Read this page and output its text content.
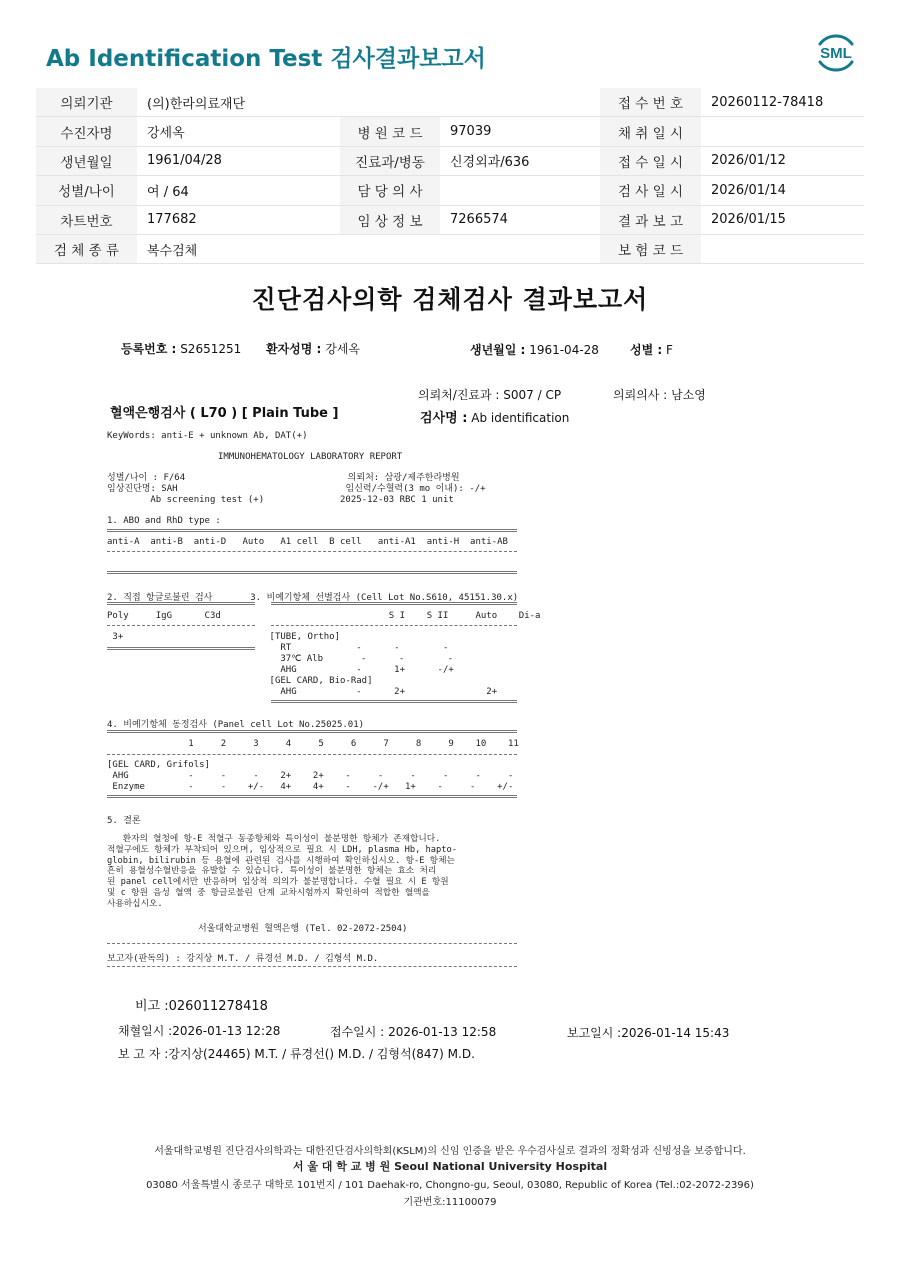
Ab Identification Test 검사결과보고서	SML
의뢰기관	(의)한라의료재단			접 수 번 호	20260112-78418
수진자명	강세옥	병 원 코 드	97039	채 취 일 시	
생년월일	1961/04/28	진료과/병동	신경외과/636	접 수 일 시	2026/01/12
성별/나이	여 / 64	담 당 의 사		검 사 일 시	2026/01/14
차트번호	177682	임 상 정 보	7266574	결 과 보 고	2026/01/15
검 체 종 류	복수검체			보 험 코 드	
진단검사의학 검체검사 결과보고서
등록번호 : S2651251 환자성명 : 강세옥	생년월일 : 1961-04-28	성별 : F
의뢰처/진료과 : S007 / CP	의뢰의사 : 남소영
혈액은행검사 ( L70 ) [ Plain Tube ]	검사명 : Ab identification
KeyWords: anti-E + unknown Ab, DAT(+)
IMMUNOHEMATOLOGY LABORATORY REPORT
성별/나이 : F/64                              의뢰처: 삼광/제주한라병원
임상진단명: SAH                               임신력/수혈력(3 mo 이내): -/+
Ab screening test (+)              2025-12-03 RBC 1 unit
1. ABO and RhD type :
anti-A  anti-B  anti-D   Auto   A1 cell  B cell   anti-A1  anti-H  anti-AB
2. 직접 항글로불린 검사       3. 비예기항체 선별검사 (Cell Lot No.S610, 45151.30.x)
Poly     IgG      C3d                               S I    S II     Auto    Di-a
3+                           [TUBE, Ortho]
RT            -      -        -
37℃ Alb       -      -        -
AHG           -      1+      -/+
[GEL CARD, Bio-Rad]
AHG           -      2+               2+
4. 비예기항체 동정검사 (Panel cell Lot No.25025.01)
1     2     3     4     5     6     7     8     9    10    11
[GEL CARD, Grifols]
AHG           -     -     -    2+    2+    -     -     -     -     -     -
Enzyme        -     -    +/-   4+    4+    -    -/+   1+    -     -    +/-
5. 결론
환자의 혈청에 항-E 적혈구 동종항체와 특이성이 불분명한 항체가 존재합니다.
적혈구에도 항체가 부착되어 있으며, 임상적으로 필요 시 LDH, plasma Hb, hapto-
globin, bilirubin 등 용혈에 관련된 검사를 시행하여 확인하십시오. 항-E 항체는
흔히 용혈성수혈반응을 유발할 수 있습니다. 특이성이 불분명한 항체는 효소 처리
된 panel cell에서만 반응하며 임상적 의의가 불분명합니다. 수혈 필요 시 E 항원
및 c 항원 음성 혈액 중 항글로불린 단계 교차시험까지 확인하여 적합한 혈액을
사용하십시오.
서울대학교병원 혈액은행 (Tel. 02-2072-2504)
보고자(판독의) : 강지상 M.T. / 류경선 M.D. / 김형석 M.D.
비고 :026011278418
채혈일시 :2026-01-13 12:28	접수일시 : 2026-01-13 12:58	보고일시 :2026-01-14 15:43
보 고 자 :강지상(24465) M.T. / 류경선() M.D. / 김형석(847) M.D.
서울대학교병원 진단검사의학과는 대한진단검사의학회(KSLM)의 신임 인증을 받은 우수검사실로 결과의 정확성과 신빙성을 보증합니다.
서 울 대 학 교 병 원 Seoul National University Hospital
03080 서울특별시 종로구 대학로 101번지 / 101 Daehak-ro, Chongno-gu, Seoul, 03080, Republic of Korea (Tel.:02-2072-2396)
기관번호:11100079
